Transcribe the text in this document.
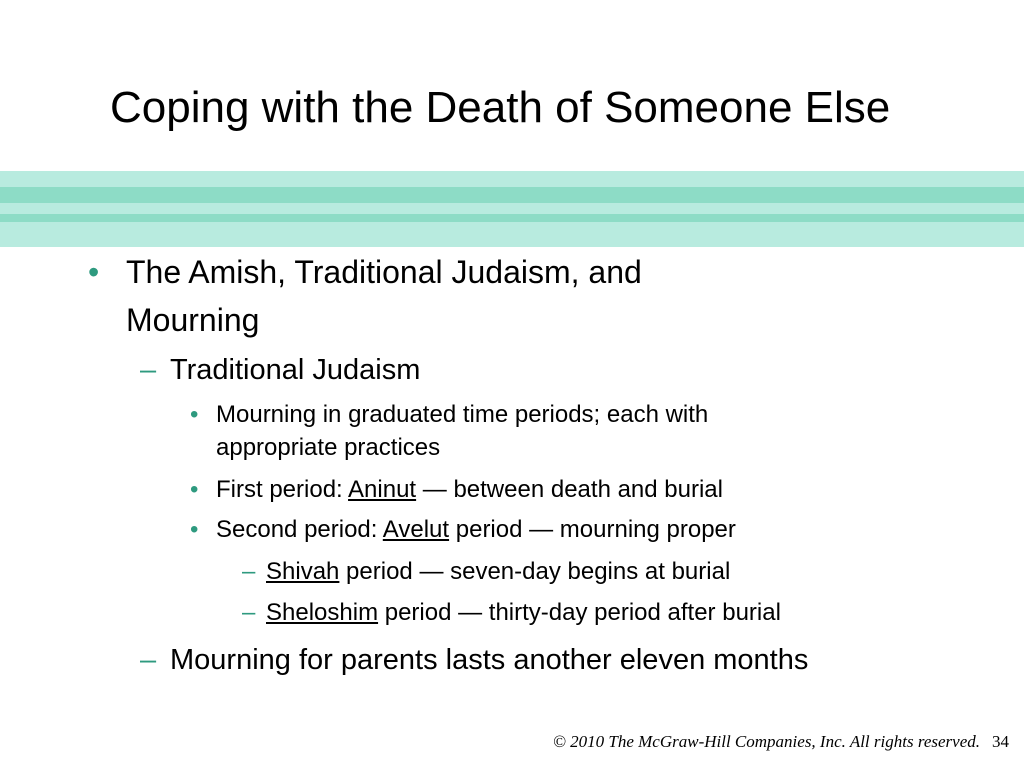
Coping with the Death of Someone Else
• The Amish, Traditional Judaism, and
Mourning
– Traditional Judaism
• Mourning in graduated time periods; each with
appropriate practices
• First period: Aninut — between death and burial
• Second period: Avelut period — mourning proper
– Shivah period — seven-day begins at burial
– Sheloshim period — thirty-day period after burial
– Mourning for parents lasts another eleven months
© 2010 The McGraw-Hill Companies, Inc. All rights reserved. 34
